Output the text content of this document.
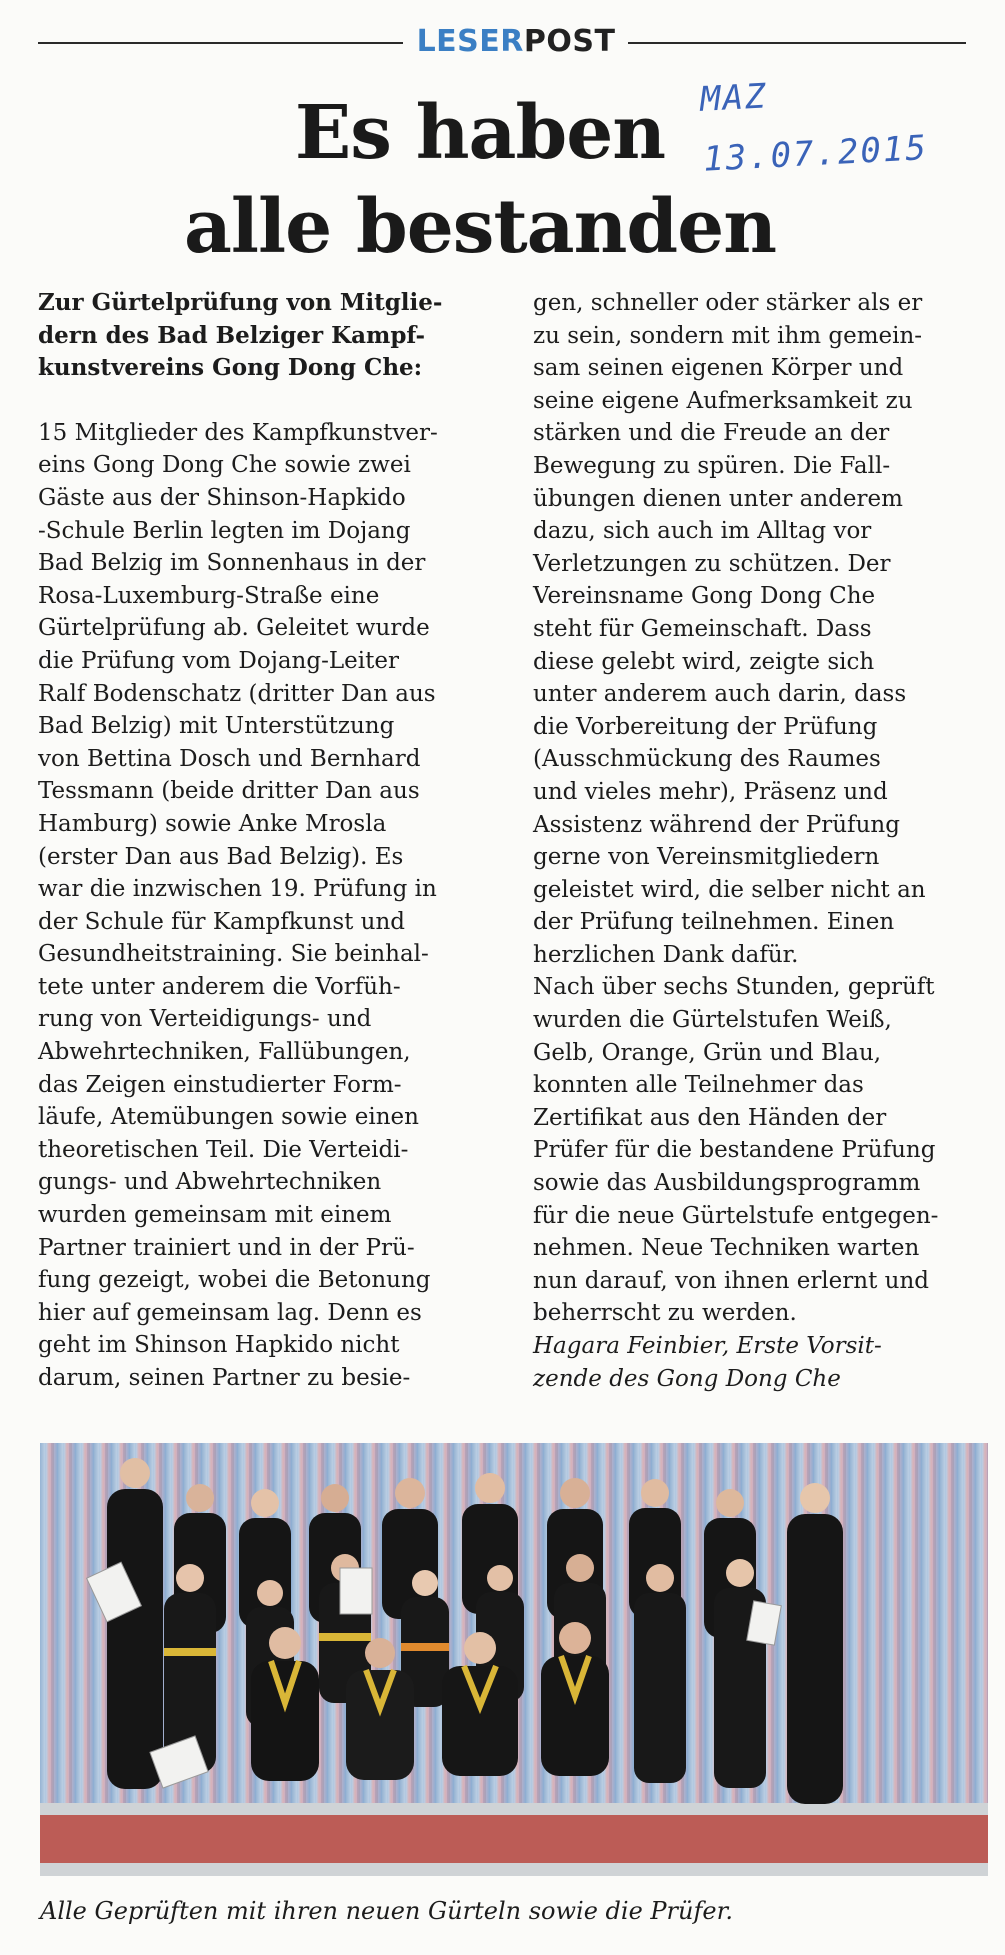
LESERPOST
MAZ 13.07.2015
Es haben
alle bestanden

Zur Gürtelprüfung von Mitglie-
dern des Bad Belziger Kampf-
kunstvereins Gong Dong Che:

15 Mitglieder des Kampfkunstver-
eins Gong Dong Che sowie zwei
Gäste aus der Shinson-Hapkido
-Schule Berlin legten im Dojang
Bad Belzig im Sonnenhaus in der
Rosa-Luxemburg-Straße eine
Gürtelprüfung ab. Geleitet wurde
die Prüfung vom Dojang-Leiter
Ralf Bodenschatz (dritter Dan aus
Bad Belzig) mit Unterstützung
von Bettina Dosch und Bernhard
Tessmann (beide dritter Dan aus
Hamburg) sowie Anke Mrosla
(erster Dan aus Bad Belzig). Es
war die inzwischen 19. Prüfung in
der Schule für Kampfkunst und
Gesundheitstraining. Sie beinhal-
tete unter anderem die Vorfüh-
rung von Verteidigungs- und
Abwehrtechniken, Fallübungen,
das Zeigen einstudierter Form-
läufe, Atemübungen sowie einen
theoretischen Teil. Die Verteidi-
gungs- und Abwehrtechniken
wurden gemeinsam mit einem
Partner trainiert und in der Prü-
fung gezeigt, wobei die Betonung
hier auf gemeinsam lag. Denn es
geht im Shinson Hapkido nicht
darum, seinen Partner zu besie-

gen, schneller oder stärker als er
zu sein, sondern mit ihm gemein-
sam seinen eigenen Körper und
seine eigene Aufmerksamkeit zu
stärken und die Freude an der
Bewegung zu spüren. Die Fall-
übungen dienen unter anderem
dazu, sich auch im Alltag vor
Verletzungen zu schützen. Der
Vereinsname Gong Dong Che
steht für Gemeinschaft. Dass
diese gelebt wird, zeigte sich
unter anderem auch darin, dass
die Vorbereitung der Prüfung
(Ausschmückung des Raumes
und vieles mehr), Präsenz und
Assistenz während der Prüfung
gerne von Vereinsmitgliedern
geleistet wird, die selber nicht an
der Prüfung teilnehmen. Einen
herzlichen Dank dafür.
Nach über sechs Stunden, geprüft
wurden die Gürtelstufen Weiß,
Gelb, Orange, Grün und Blau,
konnten alle Teilnehmer das
Zertifikat aus den Händen der
Prüfer für die bestandene Prüfung
sowie das Ausbildungsprogramm
für die neue Gürtelstufe entgegen-
nehmen. Neue Techniken warten
nun darauf, von ihnen erlernt und
beherrscht zu werden.

Hagara Feinbier, Erste Vorsit-
zende des Gong Dong Che

Alle Geprüften mit ihren neuen Gürteln sowie die Prüfer.
